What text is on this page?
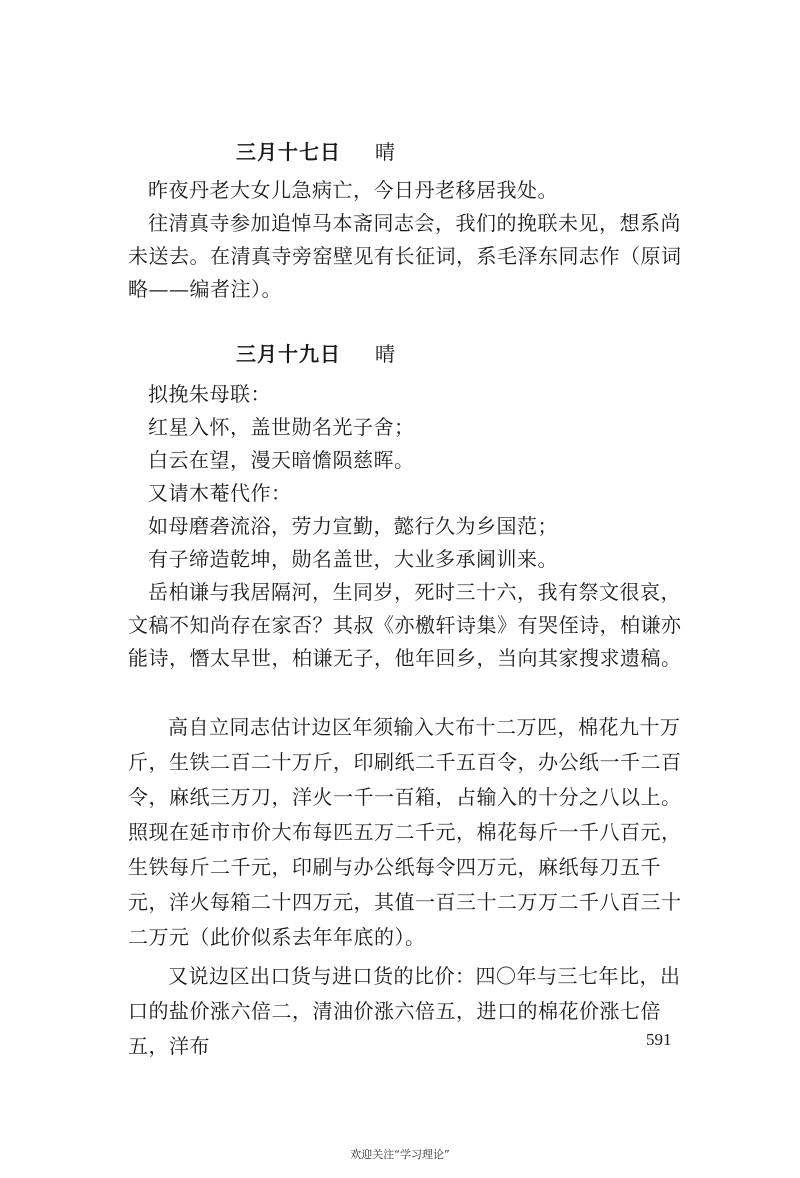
三月十七日 晴

昨夜丹老大女儿急病亡，今日丹老移居我处。

往清真寺参加追悼马本斋同志会，我们的挽联未见，想系尚未送去。在清真寺旁窑壁见有长征词，系毛泽东同志作（原词略——编者注）。

三月十九日 晴

拟挽朱母联：

红星入怀，盖世勋名光子舍；

白云在望，漫天暗憺陨慈晖。

又请木菴代作：

如母磨砻流浴，劳力宣勤，懿行久为乡国范；

有子缔造乾坤，勋名盖世，大业多承阃训来。

岳柏谦与我居隔河，生同岁，死时三十六，我有祭文很哀，文稿不知尚存在家否？其叔《亦檄轩诗集》有哭侄诗，柏谦亦能诗，憯太早世，柏谦无子，他年回乡，当向其家搜求遗稿。

高自立同志估计边区年须输入大布十二万匹，棉花九十万斤，生铁二百二十万斤，印刷纸二千五百令，办公纸一千二百令，麻纸三万刀，洋火一千一百箱，占输入的十分之八以上。照现在延市市价大布每匹五万二千元，棉花每斤一千八百元，生铁每斤二千元，印刷与办公纸每令四万元，麻纸每刀五千元，洋火每箱二十四万元，其值一百三十二万万二千八百三十二万元（此价似系去年年底的）。

又说边区出口货与进口货的比价：四〇年与三七年比，出口的盐价涨六倍二，清油价涨六倍五，进口的棉花价涨七倍五，洋布	591
欢迎关注“学习理论”
